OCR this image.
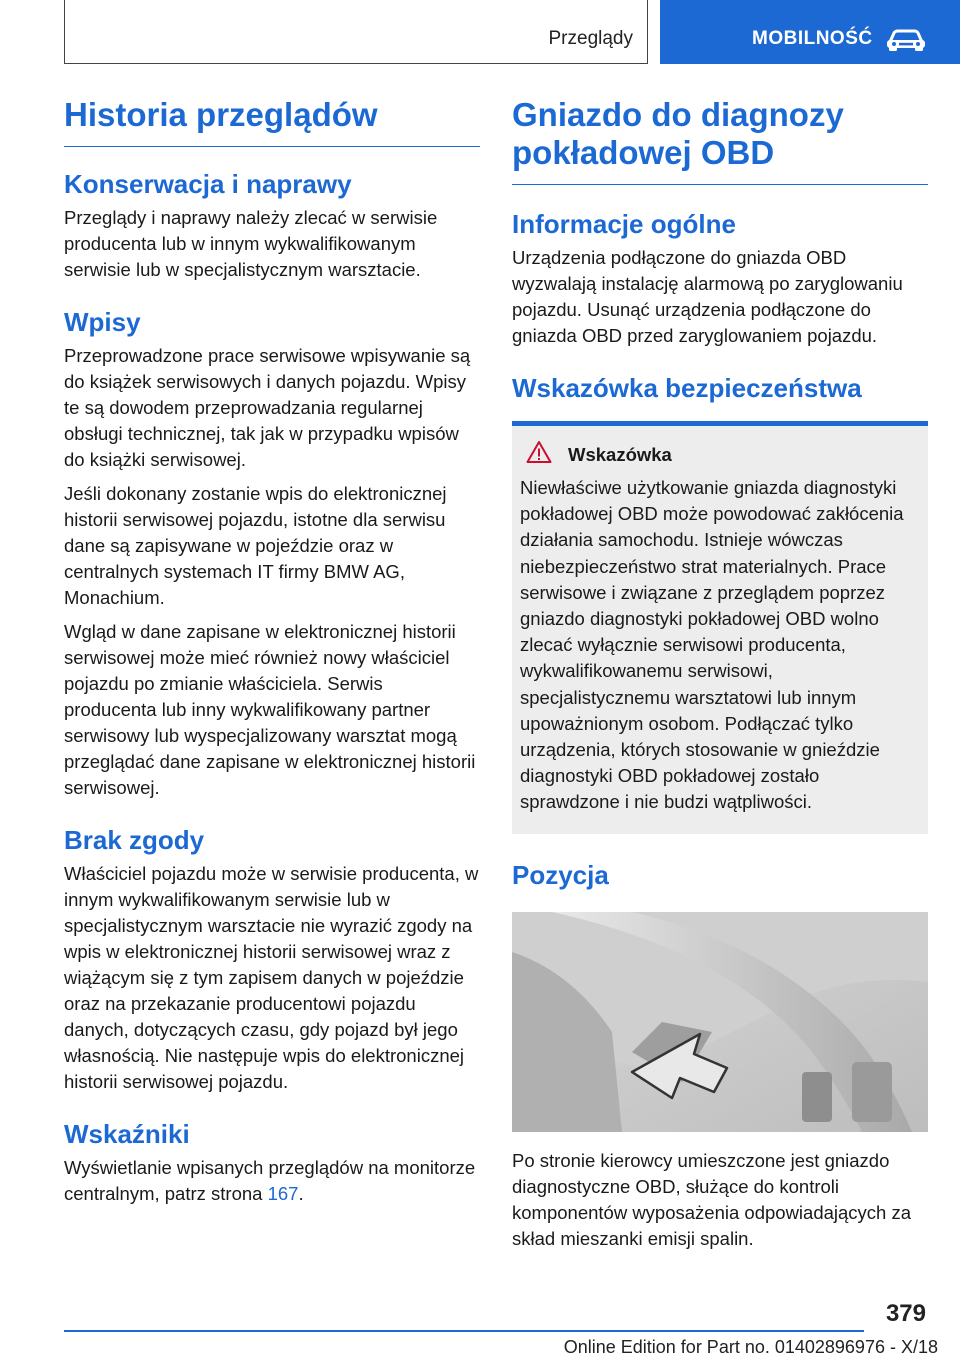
Przeglądy	MOBILNOŚĆ
Historia przeglądów
Konserwacja i naprawy

Przeglądy i naprawy należy zlecać w serwisie producenta lub w innym wykwalifikowanym serwisie lub w specjalistycznym warsztacie.

Wpisy

Przeprowadzone prace serwisowe wpisywanie są do książek serwisowych i danych pojazdu. Wpisy te są dowodem przeprowadzania regularnej obsługi technicznej, tak jak w przypadku wpisów do książki serwisowej.

Jeśli dokonany zostanie wpis do elektronicznej historii serwisowej pojazdu, istotne dla serwisu dane są zapisywane w pojeździe oraz w centralnych systemach IT firmy BMW AG, Monachium.

Wgląd w dane zapisane w elektronicznej historii serwisowej może mieć również nowy właściciel pojazdu po zmianie właściciela. Serwis producenta lub inny wykwalifikowany partner serwisowy lub wyspecjalizowany warsztat mogą przeglądać dane zapisane w elektronicznej historii serwisowej.

Brak zgody

Właściciel pojazdu może w serwisie producenta, w innym wykwalifikowanym serwisie lub w specjalistycznym warsztacie nie wyrazić zgody na wpis w elektronicznej historii serwisowej wraz z wiążącym się z tym zapisem danych w pojeździe oraz na przekazanie producentowi pojazdu danych, dotyczących czasu, gdy pojazd był jego własnością. Nie następuje wpis do elektronicznej historii serwisowej pojazdu.

Wskaźniki

Wyświetlanie wpisanych przeglądów na monitorze centralnym, patrz strona 167.

Gniazdo do diagnozy pokładowej OBD
Informacje ogólne

Urządzenia podłączone do gniazda OBD wyzwalają instalację alarmową po zaryglowaniu pojazdu. Usunąć urządzenia podłączone do gniazda OBD przed zaryglowaniem pojazdu.

Wskazówka bezpieczeństwa
Wskazówka

Niewłaściwe użytkowanie gniazda diagnostyki pokładowej OBD może powodować zakłócenia działania samochodu. Istnieje wówczas niebezpieczeństwo strat materialnych. Prace serwisowe i związane z przeglądem poprzez gniazdo diagnostyki pokładowej OBD wolno zlecać wyłącznie serwisowi producenta, wykwalifikowanemu serwisowi, specjalistycznemu warsztatowi lub innym upoważnionym osobom. Podłączać tylko urządzenia, których stosowanie w gnieździe diagnostyki OBD pokładowej zostało sprawdzone i nie budzi wątpliwości.

Pozycja

Po stronie kierowcy umieszczone jest gniazdo diagnostyczne OBD, służące do kontroli komponentów wyposażenia odpowiadających za skład mieszanki emisji spalin.

379
Online Edition for Part no. 01402896976 - X/18
